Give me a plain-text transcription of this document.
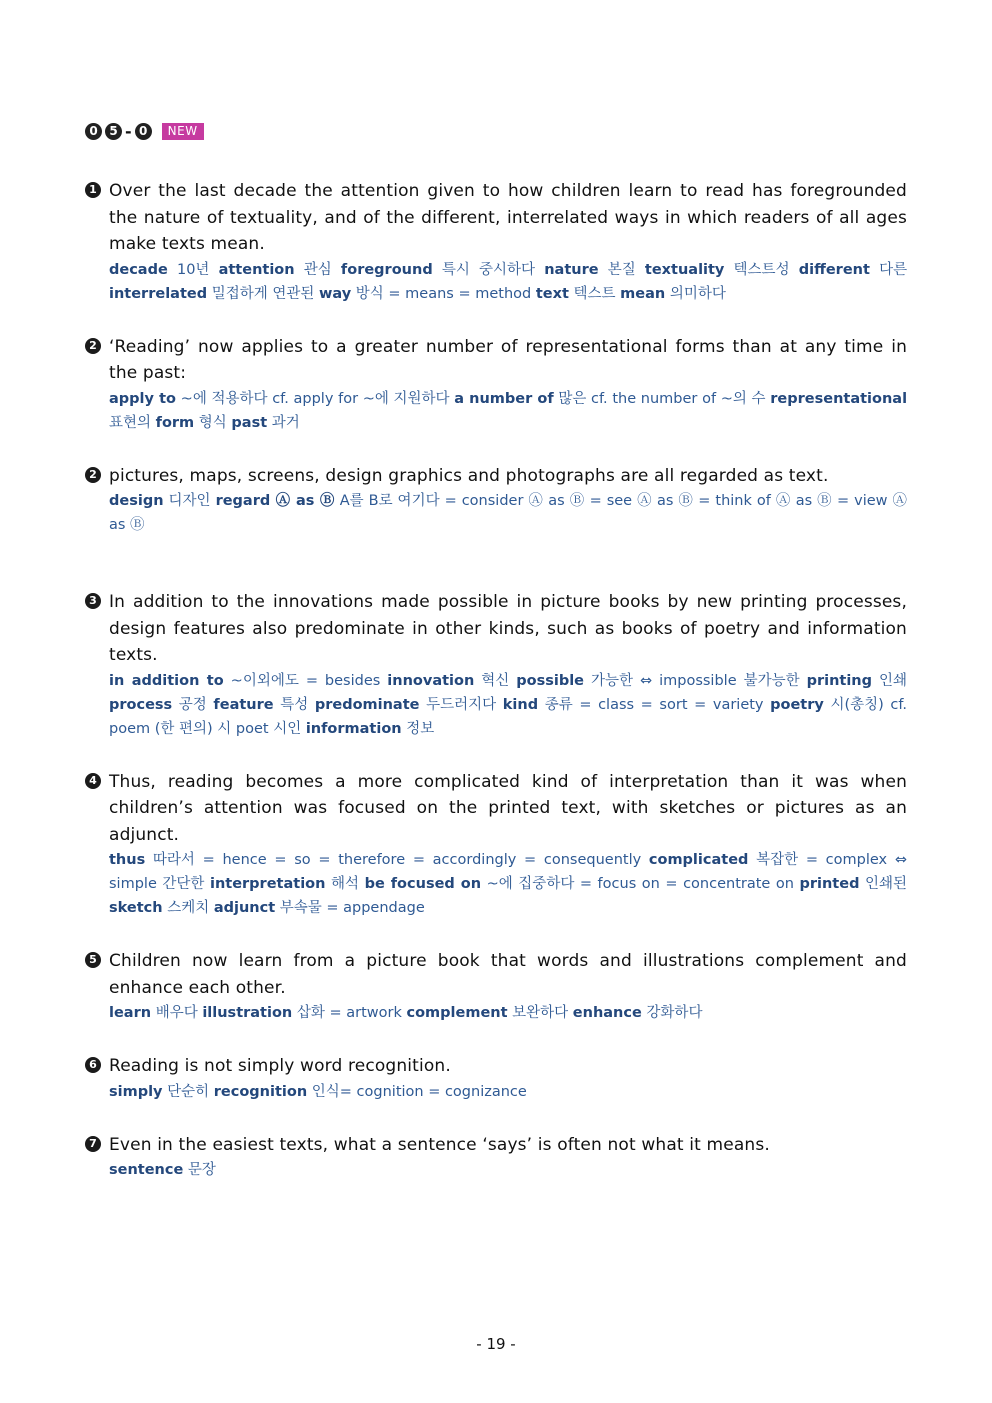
0 5 - 0	NEW
1 Over the last decade the attention given to how children learn to read has foregrounded the nature of textuality, and of the different, interrelated ways in which readers of all ages make texts mean.
decade 10년 attention 관심 foreground 특시 중시하다 nature 본질 textuality 텍스트성 different 다른 interrelated 밀접하게 연관된 way 방식 = means = method text 텍스트 mean 의미하다
2 ‘Reading’ now applies to a greater number of representational forms than at any time in the past:
apply to ~에 적용하다 cf. apply for ~에 지원하다 a number of 많은 cf. the number of ~의 수 representational 표현의 form 형식 past 과거
2 pictures, maps, screens, design graphics and photographs are all regarded as text.
design 디자인 regard Ⓐ as Ⓑ A를 B로 여기다 = consider Ⓐ as Ⓑ = see Ⓐ as Ⓑ = think of Ⓐ as Ⓑ = view Ⓐ as Ⓑ
3 In addition to the innovations made possible in picture books by new printing processes, design features also predominate in other kinds, such as books of poetry and information texts.
in addition to ~이외에도 = besides innovation 혁신 possible 가능한 ⇔ impossible 불가능한 printing 인쇄 process 공정 feature 특성 predominate 두드러지다 kind 종류 = class = sort = variety poetry 시(총칭) cf. poem (한 편의) 시 poet 시인 information 정보
4 Thus, reading becomes a more complicated kind of interpretation than it was when children’s attention was focused on the printed text, with sketches or pictures as an adjunct.
thus 따라서 = hence = so = therefore = accordingly = consequently complicated 복잡한 = complex ⇔ simple 간단한 interpretation 해석 be focused on ~에 집중하다 = focus on = concentrate on printed 인쇄된 sketch 스케치 adjunct 부속물 = appendage
5 Children now learn from a picture book that words and illustrations complement and enhance each other.
learn 배우다 illustration 삽화 = artwork complement 보완하다 enhance 강화하다
6 Reading is not simply word recognition.
simply 단순히 recognition 인식= cognition = cognizance
7 Even in the easiest texts, what a sentence ‘says’ is often not what it means.
sentence 문장
- 19 -
